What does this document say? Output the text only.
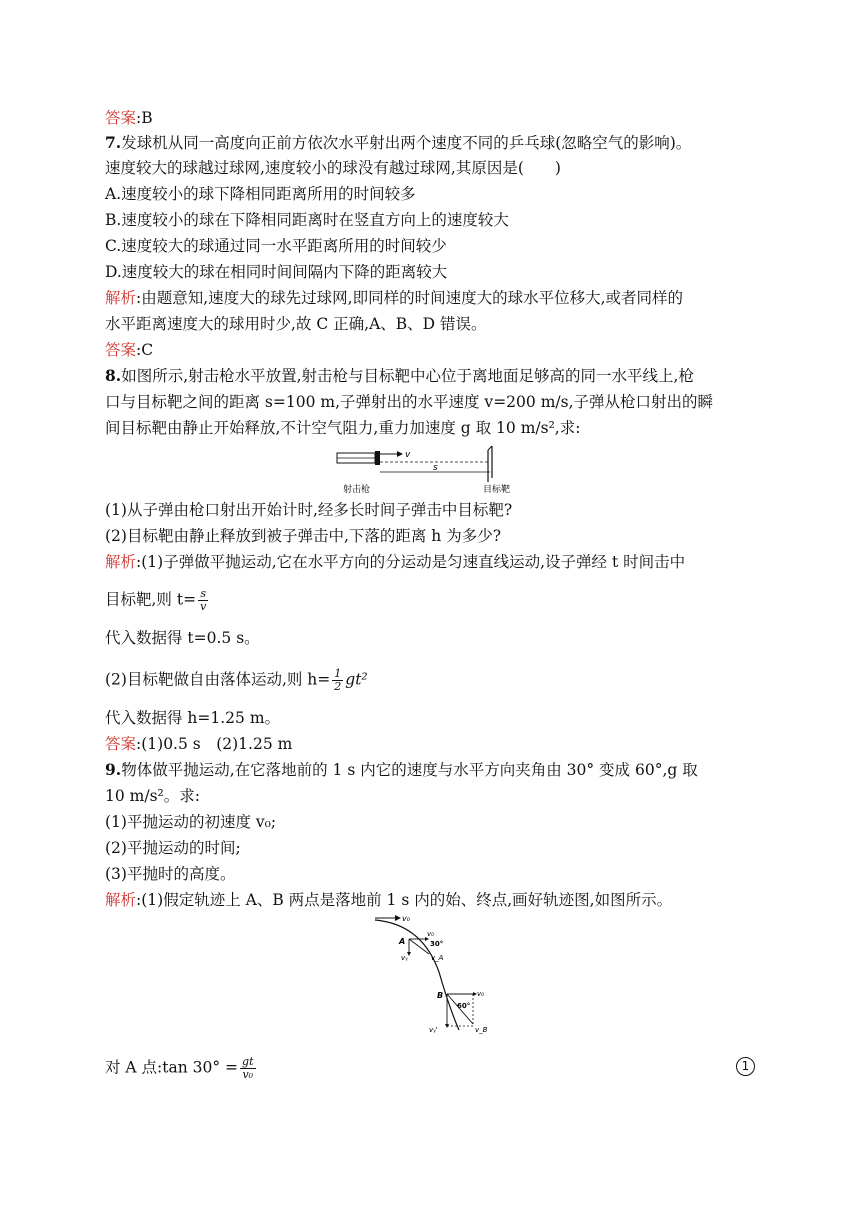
答案:B
7.发球机从同一高度向正前方依次水平射出两个速度不同的乒乓球(忽略空气的影响)。
速度较大的球越过球网,速度较小的球没有越过球网,其原因是(　　)
A.速度较小的球下降相同距离所用的时间较多
B.速度较小的球在下降相同距离时在竖直方向上的速度较大
C.速度较大的球通过同一水平距离所用的时间较少
D.速度较大的球在相同时间间隔内下降的距离较大
解析:由题意知,速度大的球先过球网,即同样的时间速度大的球水平位移大,或者同样的
水平距离速度大的球用时少,故 C 正确,A、B、D 错误。
答案:C
8.如图所示,射击枪水平放置,射击枪与目标靶中心位于离地面足够高的同一水平线上,枪
口与目标靶之间的距离 s=100 m,子弹射出的水平速度 v=200 m/s,子弹从枪口射出的瞬
间目标靶由静止开始释放,不计空气阻力,重力加速度 g 取 10 m/s²,求:
v
s
射击枪	目标靶
(1)从子弹由枪口射出开始计时,经多长时间子弹击中目标靶?
(2)目标靶由静止释放到被子弹击中,下落的距离 h 为多少?
解析:(1)子弹做平抛运动,它在水平方向的分运动是匀速直线运动,设子弹经 t 时间击中
目标靶,则 $t= \frac{s}{v}$
代入数据得 t=0.5 s。
(2)目标靶做自由落体运动,则 $h= \frac{1}{2} gt^2$
代入数据得 h=1.25 m。
答案:(1)0.5 s　(2)1.25 m
9.物体做平抛运动,在它落地前的 1 s 内它的速度与水平方向夹角由 30° 变成 60°,g 取
10 m/s²。求:
(1)平抛运动的初速度 v₀;
(2)平抛运动的时间;
(3)平抛时的高度。
解析:(1)假定轨迹上 A、B 两点是落地前 1 s 内的始、终点,画好轨迹图,如图所示。
v₀
A
v₀
30°
vᵧ	v_A
B	v₀
60°
vᵧ'	v_B
对 A 点:tan $30^\circ = \frac{gt}{\text{v₀}}$	1
